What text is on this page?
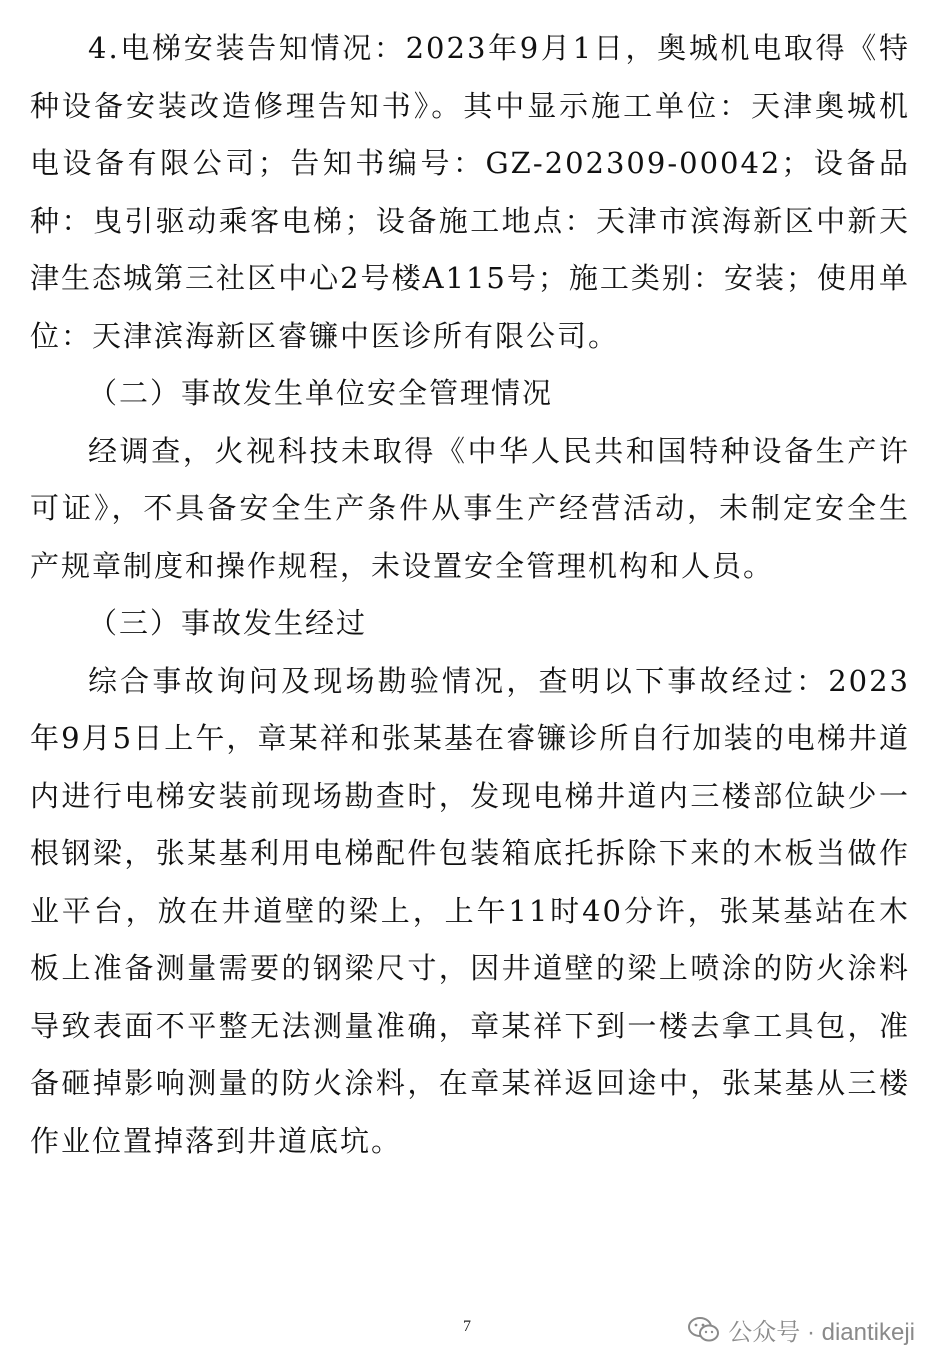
4.电梯安装告知情况：2023年9月1日，奥城机电取得《特种设备安装改造修理告知书》。其中显示施工单位：天津奥城机电设备有限公司；告知书编号：GZ-202309-00042；设备品种：曳引驱动乘客电梯；设备施工地点：天津市滨海新区中新天津生态城第三社区中心2号楼A115号；施工类别：安装；使用单位：天津滨海新区睿镰中医诊所有限公司。

（二）事故发生单位安全管理情况

经调查，火视科技未取得《中华人民共和国特种设备生产许可证》，不具备安全生产条件从事生产经营活动，未制定安全生产规章制度和操作规程，未设置安全管理机构和人员。

（三）事故发生经过

综合事故询问及现场勘验情况，查明以下事故经过：2023年9月5日上午，章某祥和张某基在睿镰诊所自行加装的电梯井道内进行电梯安装前现场勘查时，发现电梯井道内三楼部位缺少一根钢梁，张某基利用电梯配件包装箱底托拆除下来的木板当做作业平台，放在井道壁的梁上，上午11时40分许，张某基站在木板上准备测量需要的钢梁尺寸，因井道壁的梁上喷涂的防火涂料导致表面不平整无法测量准确，章某祥下到一楼去拿工具包，准备砸掉影响测量的防火涂料，在章某祥返回途中，张某基从三楼作业位置掉落到井道底坑。

7	公众号 · diantikeji
